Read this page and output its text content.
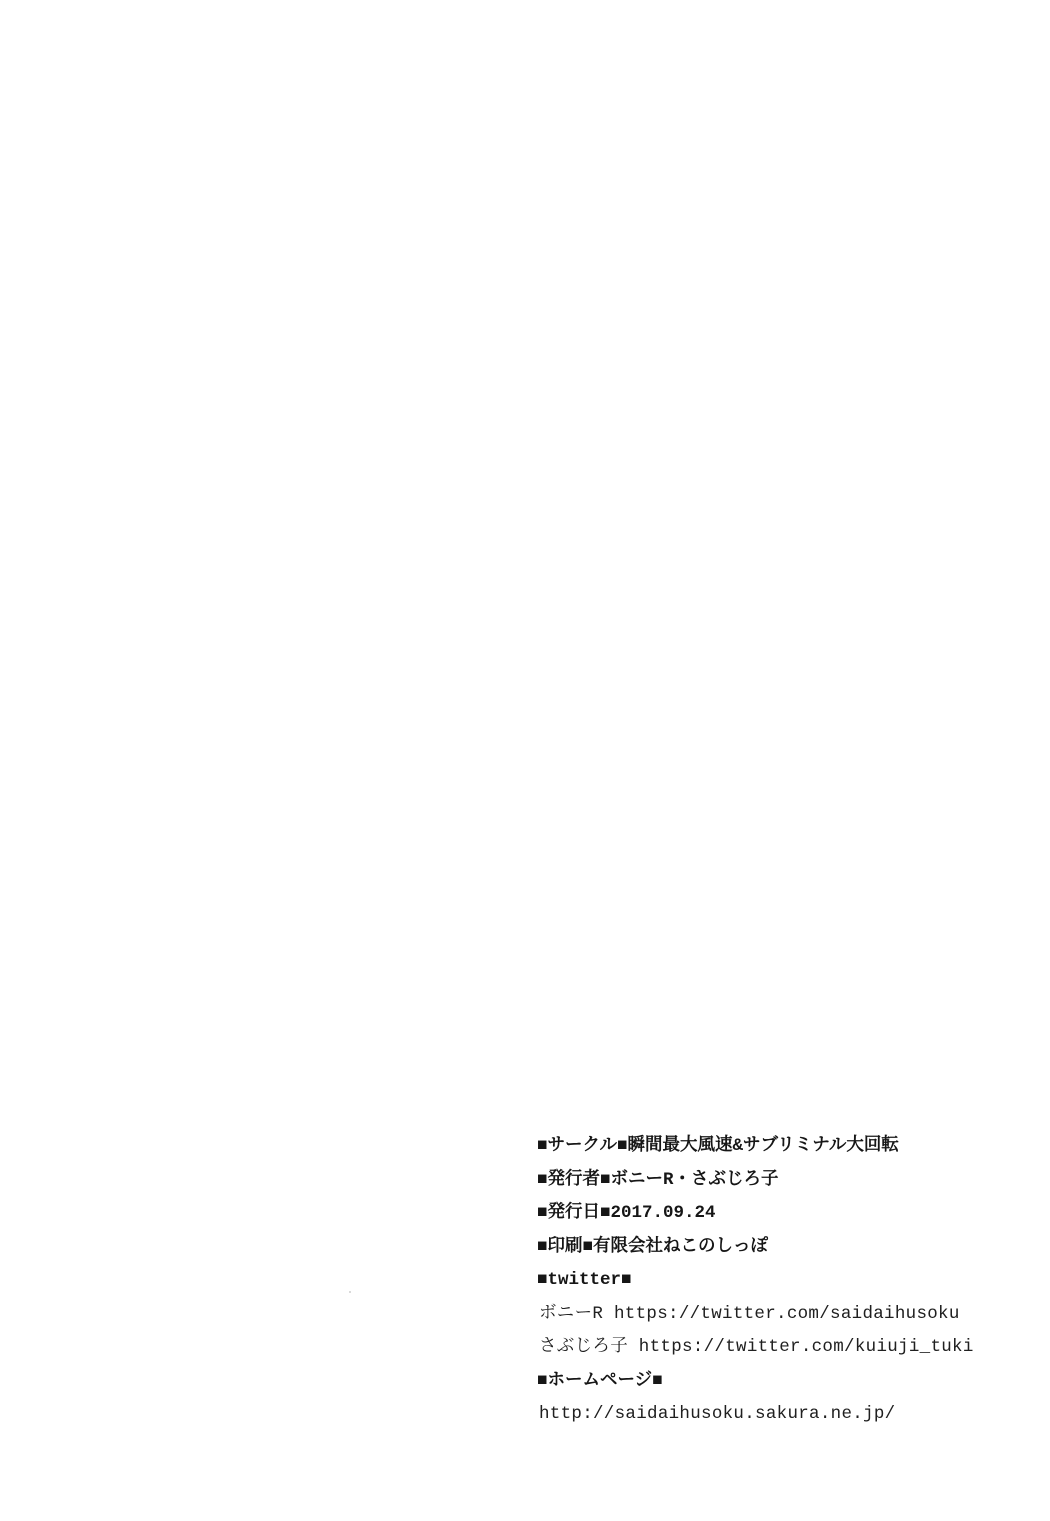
■サークル■瞬間最大風速&サブリミナル大回転
■発行者■ボニーR・さぶじろ子
■発行日■2017.09.24
■印刷■有限会社ねこのしっぽ
■twitter■
ボニーR https://twitter.com/saidaihusoku
さぶじろ子 https://twitter.com/kuiuji_tuki
■ホームページ■
http://saidaihusoku.sakura.ne.jp/
